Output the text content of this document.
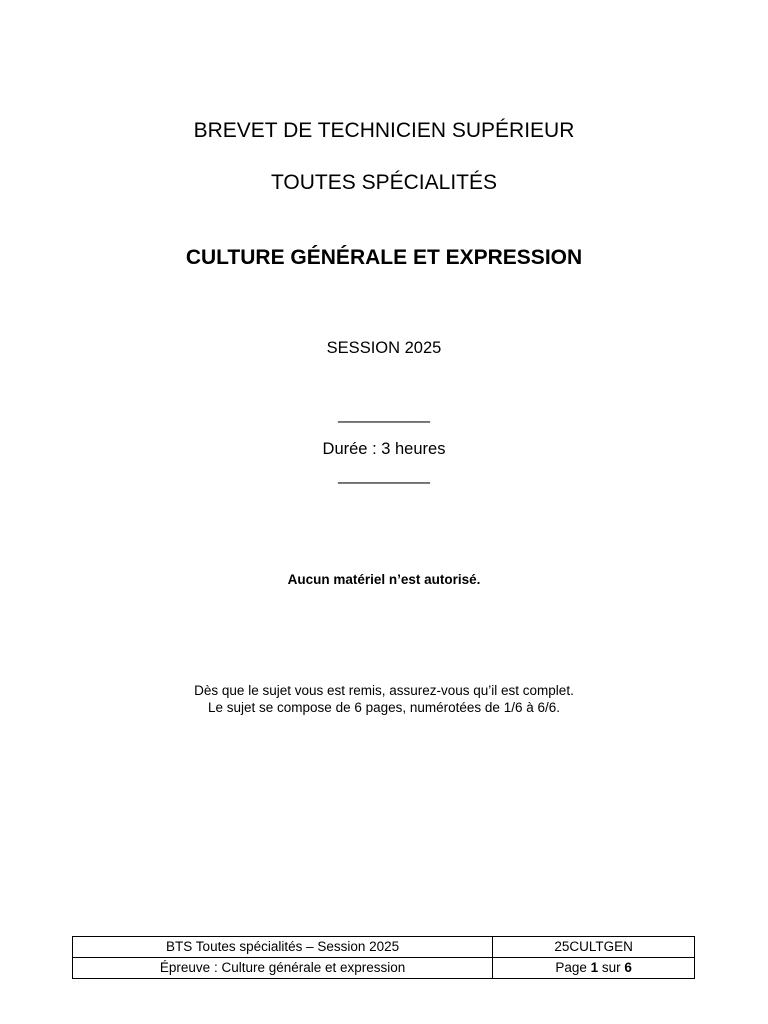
BREVET DE TECHNICIEN SUPÉRIEUR
TOUTES SPÉCIALITÉS
CULTURE GÉNÉRALE ET EXPRESSION
SESSION 2025
__________
Durée : 3 heures
__________
Aucun matériel n’est autorisé.
Dès que le sujet vous est remis, assurez-vous qu’il est complet.
Le sujet se compose de 6 pages, numérotées de 1/6 à 6/6.
BTS Toutes spécialités – Session 2025	25CULTGEN
Épreuve : Culture générale et expression	Page 1 sur 6
